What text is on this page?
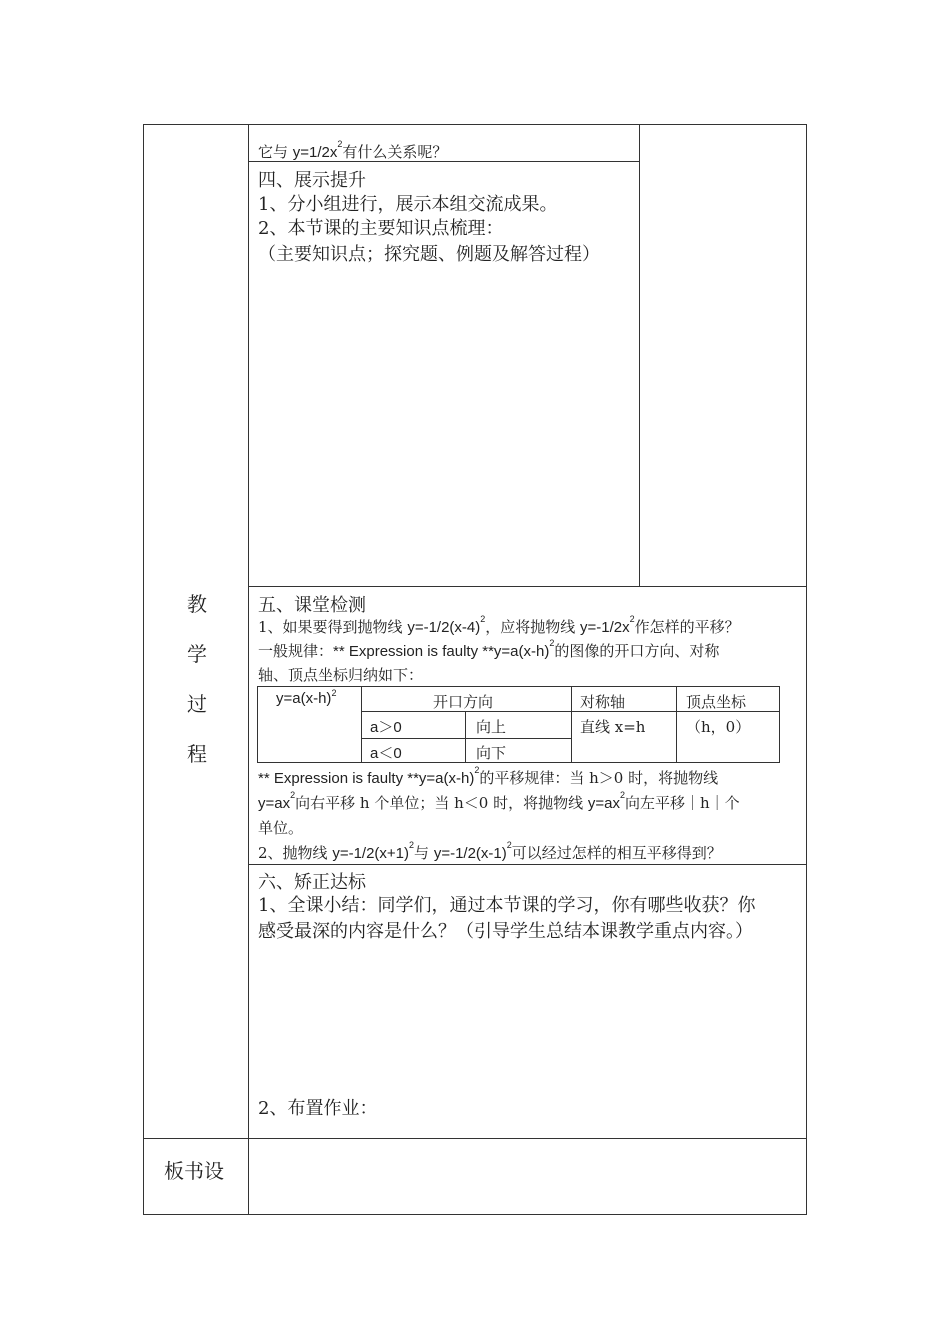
教
学
过
程
板书设
它与 $y=1/2x^2$有什么关系呢？
四、展示提升
1、分小组进行，展示本组交流成果。
2、本节课的主要知识点梳理：
（主要知识点；探究题、例题及解答过程）
五、课堂检测
1、如果要得到抛物线 $y=-1/2(x-4)^2$，应将抛物线 $y=-1/2x^2$作怎样的平移？
一般规律：** Expression is faulty $**y=a(x-h)^2$的图像的开口方向、对称
轴、顶点坐标归纳如下：
$y=a(x-h)^2$	开口方向	对称轴	顶点坐标
a＞0	向上
a＜0	向下
直线 x=h	（h，0）
** Expression is faulty $**y=a(x-h)^2$的平移规律：当 h＞0 时，将抛物线
$y=ax^2$向右平移 h 个单位；当 h＜0 时，将抛物线 $y=ax^2$向左平移｜h｜个
单位。
2、抛物线 $y=-1/2(x+1)^2$与 $y=-1/2(x-1)^2$可以经过怎样的相互平移得到？
六、矫正达标
1、全课小结：同学们，通过本节课的学习，你有哪些收获？你
感受最深的内容是什么？（引导学生总结本课教学重点内容。）
2、布置作业：
